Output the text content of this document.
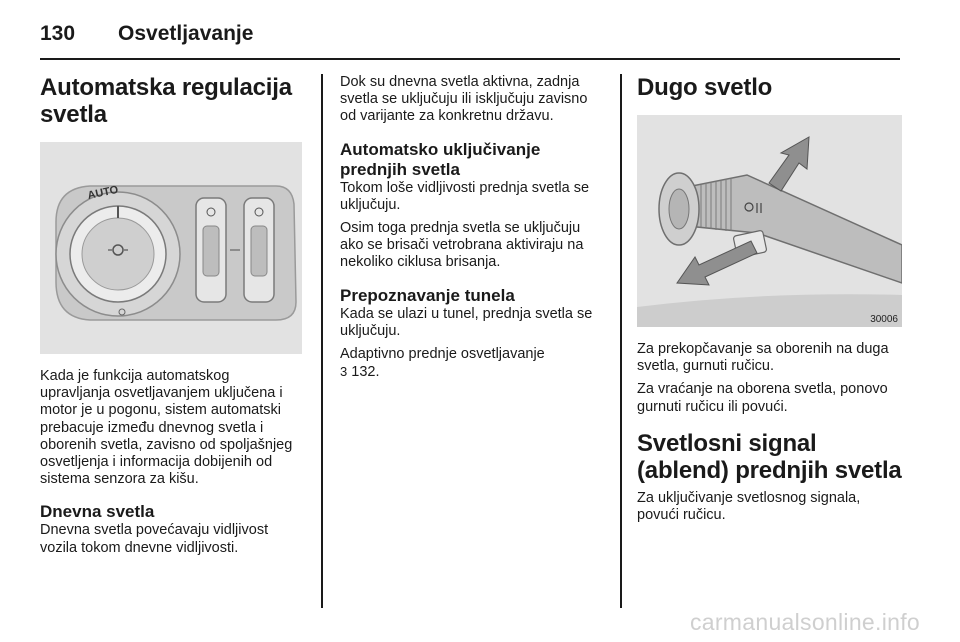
130	Osvetljavanje
Automatska regulacija svetla
AUTO

Kada je funkcija automatskog upravljanja osvetljavanjem uključena i motor je u pogonu, sistem automatski prebacuje između dnevnog svetla i oborenih svetla, zavisno od spoljašnjeg osvetljenja i informacija dobijenih od sistema senzora za kišu.

Dnevna svetla

Dnevna svetla povećavaju vidljivost vozila tokom dnevne vidljivosti.

Dok su dnevna svetla aktivna, zadnja svetla se uključuju ili isključuju zavisno od varijante za konkretnu državu.

Automatsko uključivanje prednjih svetla

Tokom loše vidljivosti prednja svetla se uključuju.

Osim toga prednja svetla se uključuju ako se brisači vetrobrana aktiviraju na nekoliko ciklusa brisanja.

Prepoznavanje tunela

Kada se ulazi u tunel, prednja svetla se uključuju.

Adaptivno prednje osvetljavanje
3 132.

Dugo svetlo
30006

Za prekopčavanje sa oborenih na duga svetla, gurnuti ručicu.

Za vraćanje na oborena svetla, ponovo gurnuti ručicu ili povući.

Svetlosni signal (ablend) prednjih svetla

Za uključivanje svetlosnog signala, povući ručicu.

carmanualsonline.info
